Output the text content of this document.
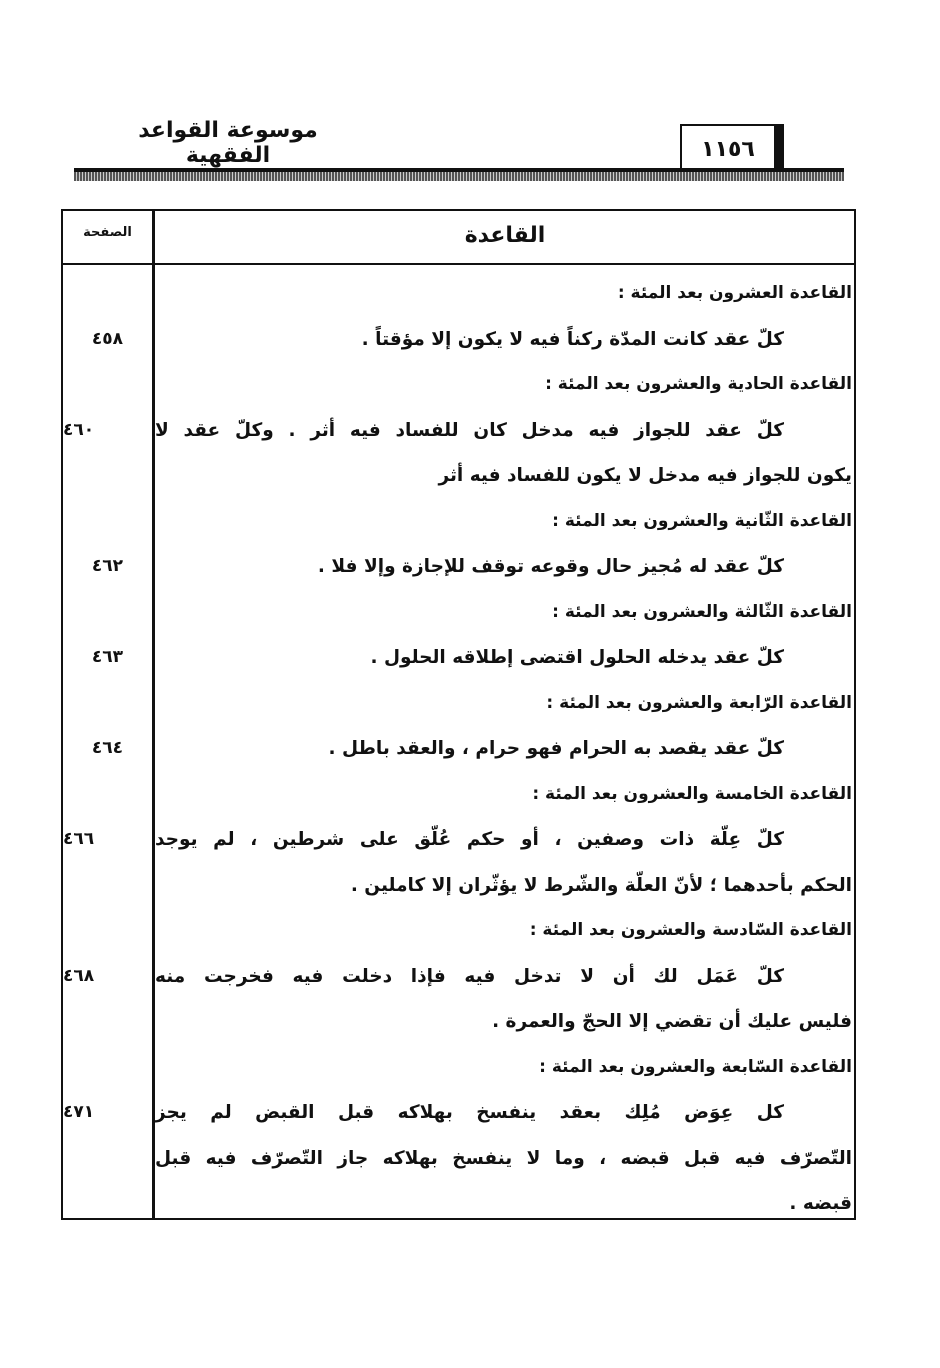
موسوعة القواعد الفقهية	١١٥٦
الصفحة	القاعدة
القاعدة العشرون بعد المئة :
كلّ عقد كانت المدّة ركناً فيه لا يكون إلا مؤقتاً .
٤٥٨
القاعدة الحادية والعشرون بعد المئة :
كلّ عقد للجواز فيه مدخل كان للفساد فيه أثر . وكلّ عقد لا
٤٦٠
يكون للجواز فيه مدخل لا يكون للفساد فيه أثر
القاعدة الثّانية والعشرون بعد المئة :
كلّ عقد له مُجيز حال وقوعه توقف للإجازة وإلا فلا .
٤٦٢
القاعدة الثّالثة والعشرون بعد المئة :
كلّ عقد يدخله الحلول اقتضى إطلاقه الحلول .
٤٦٣
القاعدة الرّابعة والعشرون بعد المئة :
كلّ عقد يقصد به الحرام فهو حرام ، والعقد باطل .
٤٦٤
القاعدة الخامسة والعشرون بعد المئة :
كلّ عِلّة ذات وصفين ، أو حكم عُلّق على شرطين ، لم يوجد
٤٦٦
الحكم بأحدهما ؛ لأنّ العلّة والشّرط لا يؤثّران إلا كاملين .
القاعدة السّادسة والعشرون بعد المئة :
كلّ عَمَل لك أن لا تدخل فيه فإذا دخلت فيه فخرجت منه
٤٦٨
فليس عليك أن تقضي إلا الحجّ والعمرة .
القاعدة السّابعة والعشرون بعد المئة :
كل عِوَض مُلِك بعقد ينفسخ بهلاكه قبل القبض لم يجز
٤٧١
التّصرّف فيه قبل قبضه ، وما لا ينفسخ بهلاكه جاز التّصرّف فيه قبل
قبضه .
